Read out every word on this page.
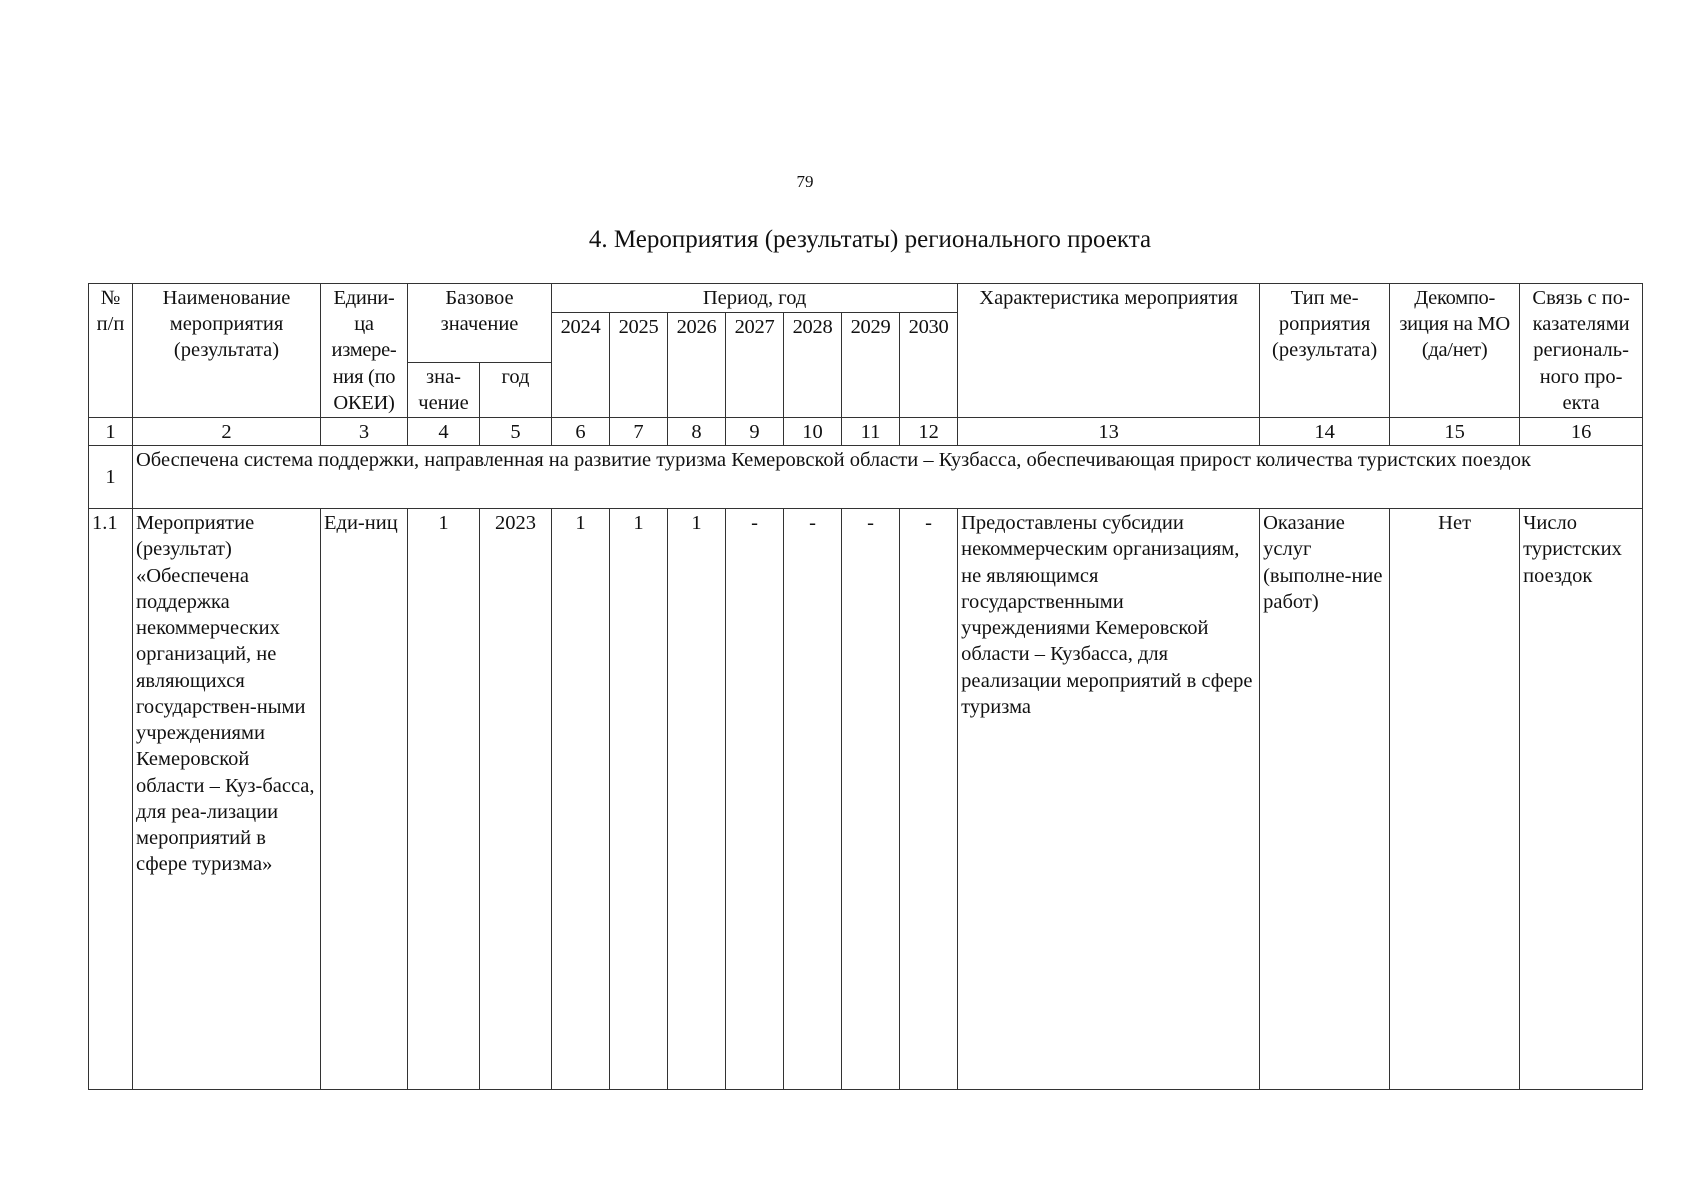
79
4. Мероприятия (результаты) регионального проекта
№ п/п	Наименование мероприятия (результата)	Едини-ца измере-ния (по ОКЕИ)	Базовое значение		Период, год							Характеристика мероприятия	Тип ме-роприятия (результата)	Декомпо-зиция на МО (да/нет)	Связь с по-казателями региональ-ного про-екта
					2024	2025	2026	2027	2028	2029	2030				
			зна-чение	год											
1	2	3	4	5	6	7	8	9	10	11	12	13	14	15	16
1	Обеспечена система поддержки, направленная на развитие туризма Кемеровской области – Кузбасса, обеспечивающая прирост количества туристских поездок														
1.1	Мероприятие (результат) «Обеспечена поддержка некоммерческих организаций, не являющихся государствен-ными учреждениями Кемеровской области – Куз-басса, для реа-лизации мероприятий в сфере туризма»	Еди-ниц	1	2023	1	1	1	-	-	-	-	Предоставлены субсидии некоммерческим организациям, не являющимся государственными учреждениями Кемеровской области – Кузбасса, для реализации мероприятий в сфере туризма	Оказание услуг (выполне-ние работ)	Нет	Число туристских поездок
